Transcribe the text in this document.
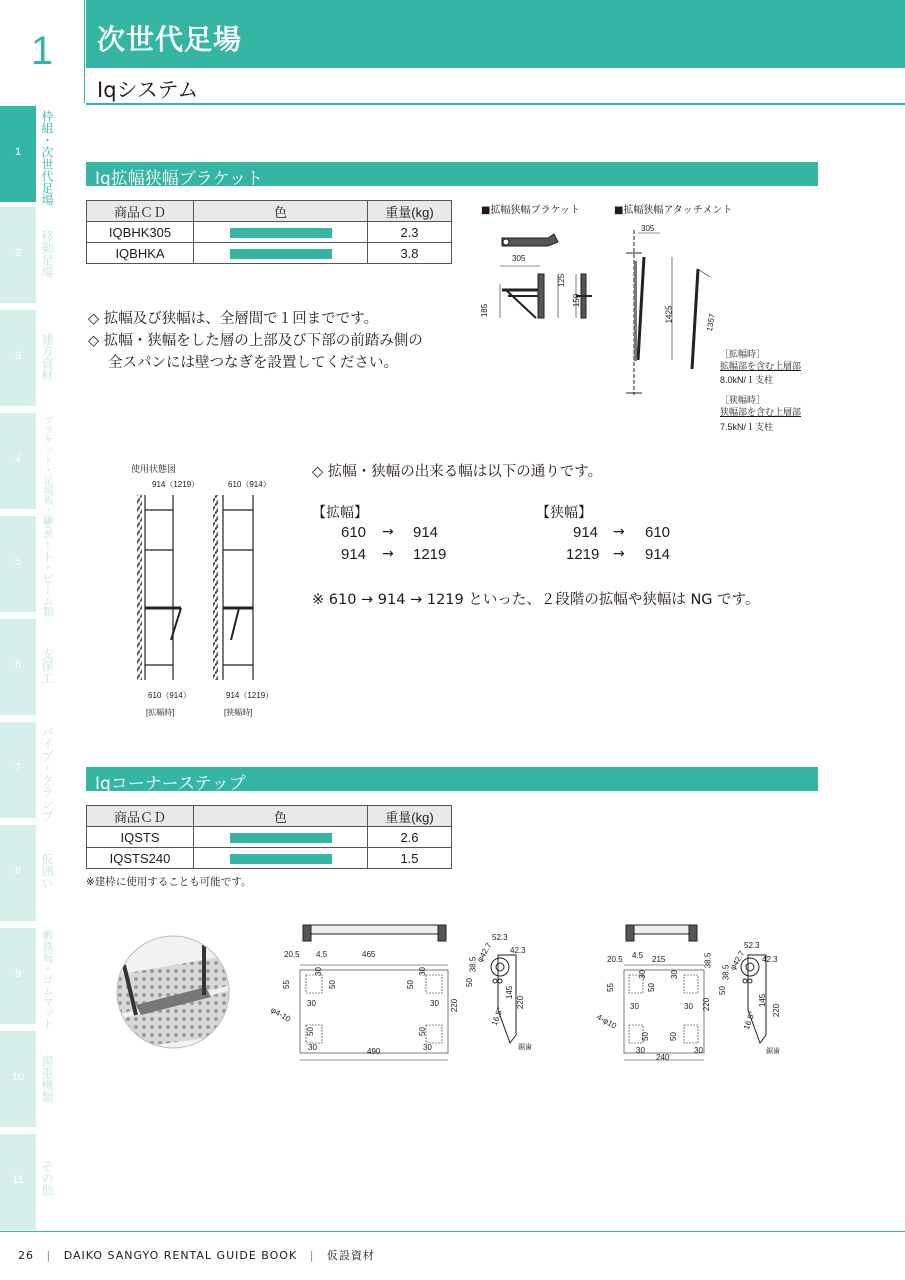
1	次世代足場
Iqシステム
1	枠組・次世代足場
2	移動足場
3	建方資材
4	ブラケット・足場板・脚立
5	サポート・ビーム類
6	支保工
7	パイプ・クランプ
8	仮囲い
9	敷鉄板・ゴムマット
10	揚重機類
11	その他
Iq拡幅狭幅ブラケット
商品ＣＤ	色	重量(kg)
IQBHK305		2.3
IQBHKA		3.8
◇ 拡幅及び狭幅は、全層間で１回までです。
◇ 拡幅・狭幅をした層の上部及び下部の前踏み側の
全スパンには壁つなぎを設置してください。
■拡幅狭幅ブラケット
305
125
150
185
■拡幅狭幅アタッチメント
305
1425	1357
［拡幅時］
拡幅部を含む上層部
8.0kN/１支柱
［狭幅時］
狭幅部を含む上層部
7.5kN/１支柱
使用状態図
914（1219）	610（914）
610（914）	914（1219）
[拡幅時]	[狭幅時]
◇ 拡幅・狭幅の出来る幅は以下の通りです。
【拡幅】
610 → 914
914 → 1219
【狭幅】
914 → 610
1219 → 914
※ 610 → 914 → 1219 といった、２段階の拡幅や狭幅は NG です。
Iqコーナーステップ
商品ＣＤ	色	重量(kg)
IQSTS		2.6
IQSTS240		1.5
※建枠に使用することも可能です。
20.5 4.5	465
30	30
55	50
30
50
30 220
φ4-10
50	50
30	490	30
52.3
42.3
38.5
50
φ42.7
145
220
16.5°
鋸歯
20.5 4.5 215	38.5
30	30
55	50
30	30 220
4-φ10
50 50
30
240
30
52.3
42.3
38.5
50
φ42.7
145
220
16.5°
鋸歯
26 | DAIKO SANGYO RENTAL GUIDE BOOK | 仮設資材
